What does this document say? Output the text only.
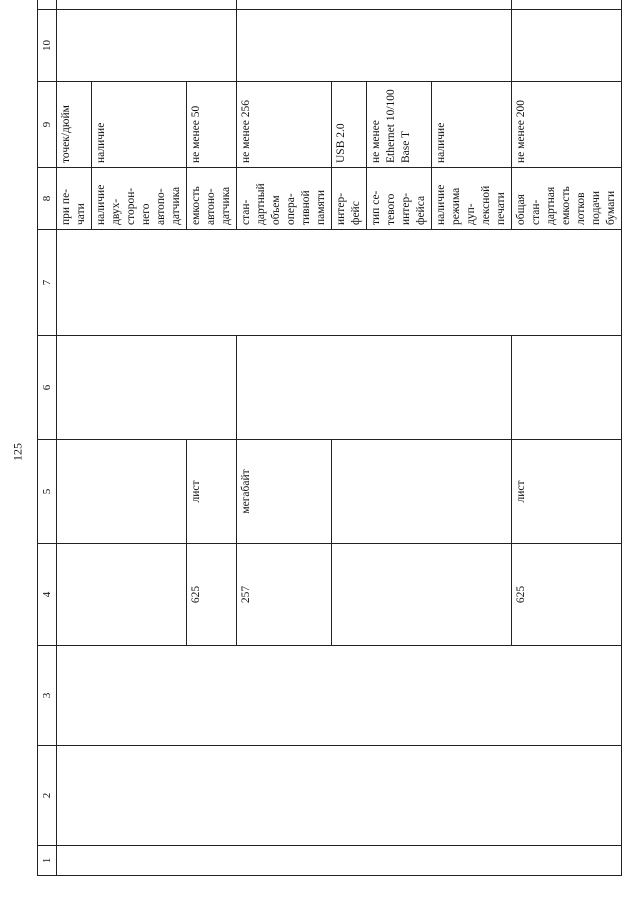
125
1	2	3	4	5	6	7	8	9	10	
							при пе-чати	точек/дюйм		
							наличие двух-сторон-него автопо-датчика	наличие		
			625	лист			емкость автоно-датчика	не менее 50		
			257	мегабайт			стан-дартный объем опера-тивной памяти	не менее 256		
							интер-фейс	USB 2.0		
							тип се-тевого интер-фейса	не менее Ethernet 10/100 Base T		
							наличие режима дуп-лексной печати	наличие		
			625	лист			общая стан-дартная емкость лотков подачи бумаги	не менее 200		
